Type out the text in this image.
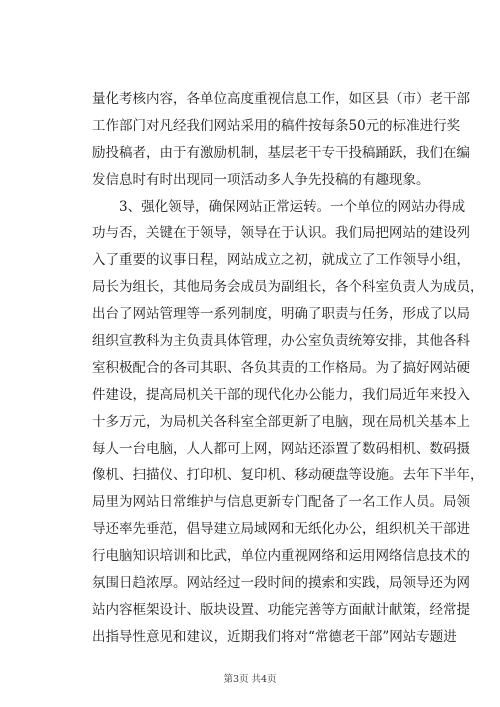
量化考核内容，各单位高度重视信息工作，如区县（市）老干部
工作部门对凡经我们网站采用的稿件按每条50元的标准进行奖
励投稿者，由于有激励机制，基层老干专干投稿踊跃，我们在编
发信息时有时出现同一项活动多人争先投稿的有趣现象。
3、强化领导，确保网站正常运转。一个单位的网站办得成
功与否，关键在于领导，领导在于认识。我们局把网站的建设列
入了重要的议事日程，网站成立之初，就成立了工作领导小组，
局长为组长，其他局务会成员为副组长，各个科室负责人为成员，
出台了网站管理等一系列制度，明确了职责与任务，形成了以局
组织宣教科为主负责具体管理，办公室负责统筹安排，其他各科
室积极配合的各司其职、各负其责的工作格局。为了搞好网站硬
件建设，提高局机关干部的现代化办公能力，我们局近年来投入
十多万元，为局机关各科室全部更新了电脑，现在局机关基本上
每人一台电脑，人人都可上网，网站还添置了数码相机、数码摄
像机、扫描仪、打印机、复印机、移动硬盘等设施。去年下半年，
局里为网站日常维护与信息更新专门配备了一名工作人员。局领
导还率先垂范，倡导建立局域网和无纸化办公，组织机关干部进
行电脑知识培训和比武，单位内重视网络和运用网络信息技术的
氛围日趋浓厚。网站经过一段时间的摸索和实践，局领导还为网
站内容框架设计、版块设置、功能完善等方面献计献策，经常提
出指导性意见和建议，近期我们将对“常德老干部”网站专题进
第3页 共4页
